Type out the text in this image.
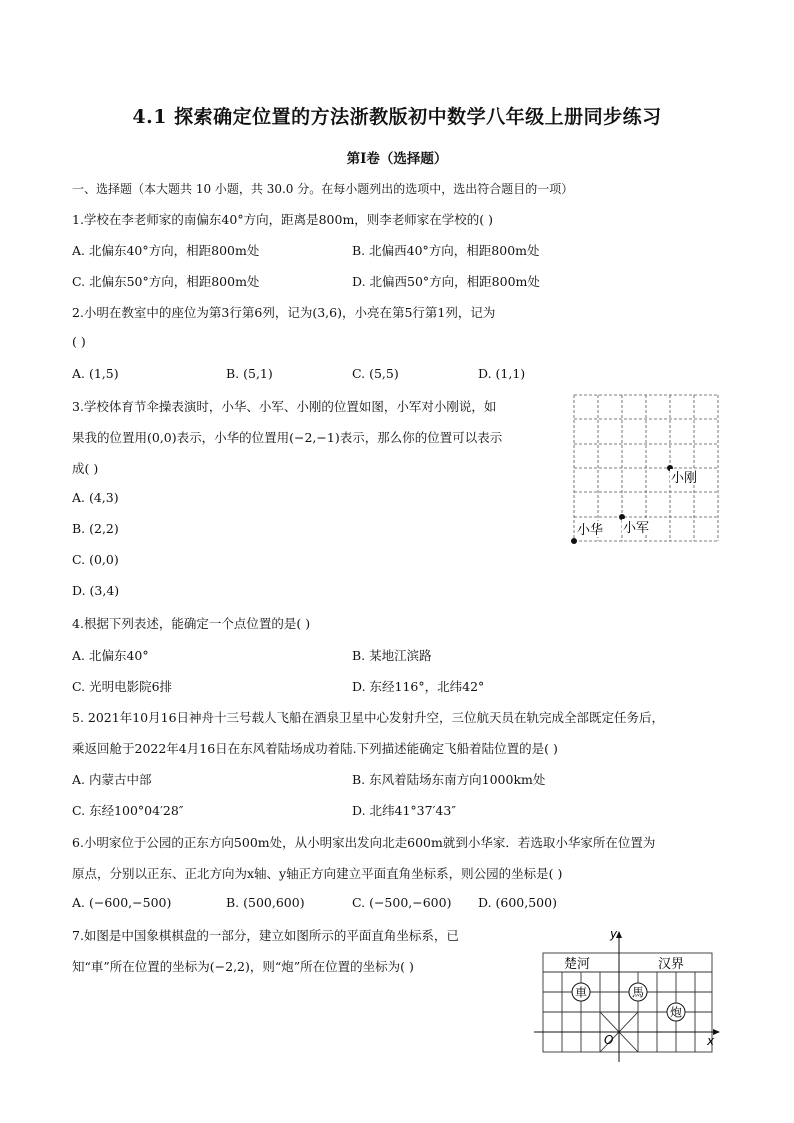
4.1 探索确定位置的方法浙教版初中数学八年级上册同步练习
第I卷（选择题）
一、选择题（本大题共 10 小题，共 30.0 分。在每小题列出的选项中，选出符合题目的一项）
1.学校在李老师家的南偏东40°方向，距离是800m，则李老师家在学校的( )
A. 北偏东40°方向，相距800m处	B. 北偏西40°方向，相距800m处
C. 北偏东50°方向，相距800m处	D. 北偏西50°方向，相距800m处
2.小明在教室中的座位为第3行第6列，记为(3,6)，小亮在第5行第1列，记为
( )
A. (1,5)	B. (5,1)	C. (5,5)	D. (1,1)
3.学校体育节伞操表演时，小华、小军、小刚的位置如图，小军对小刚说，如
果我的位置用(0,0)表示，小华的位置用(−2,−1)表示，那么你的位置可以表示
成( )
A. (4,3)
B. (2,2)
C. (0,0)
D. (3,4)
小刚
小华 小军
4.根据下列表述，能确定一个点位置的是( )
A. 北偏东40°	B. 某地江滨路
C. 光明电影院6排	D. 东经116°，北纬42°
5. 2021年10月16日神舟十三号载人飞船在酒泉卫星中心发射升空，三位航天员在轨完成全部既定任务后，
乘返回舱于2022年4月16日在东风着陆场成功着陆.下列描述能确定飞船着陆位置的是( )
A. 内蒙古中部	B. 东风着陆场东南方向1000km处
C. 东经100°04′28″	D. 北纬41°37′43″
6.小明家位于公园的正东方向500m处，从小明家出发向北走600m就到小华家．若选取小华家所在位置为
原点，分别以正东、正北方向为x轴、y轴正方向建立平面直角坐标系，则公园的坐标是( )
A. (−600,−500)	B. (500,600)	C. (−500,−600) D. (600,500)
7.如图是中国象棋棋盘的一部分，建立如图所示的平面直角坐标系，已
知“車”所在位置的坐标为(−2,2)，则“炮”所在位置的坐标为( )
x
y
O
楚河	汉界
車	馬
炮
